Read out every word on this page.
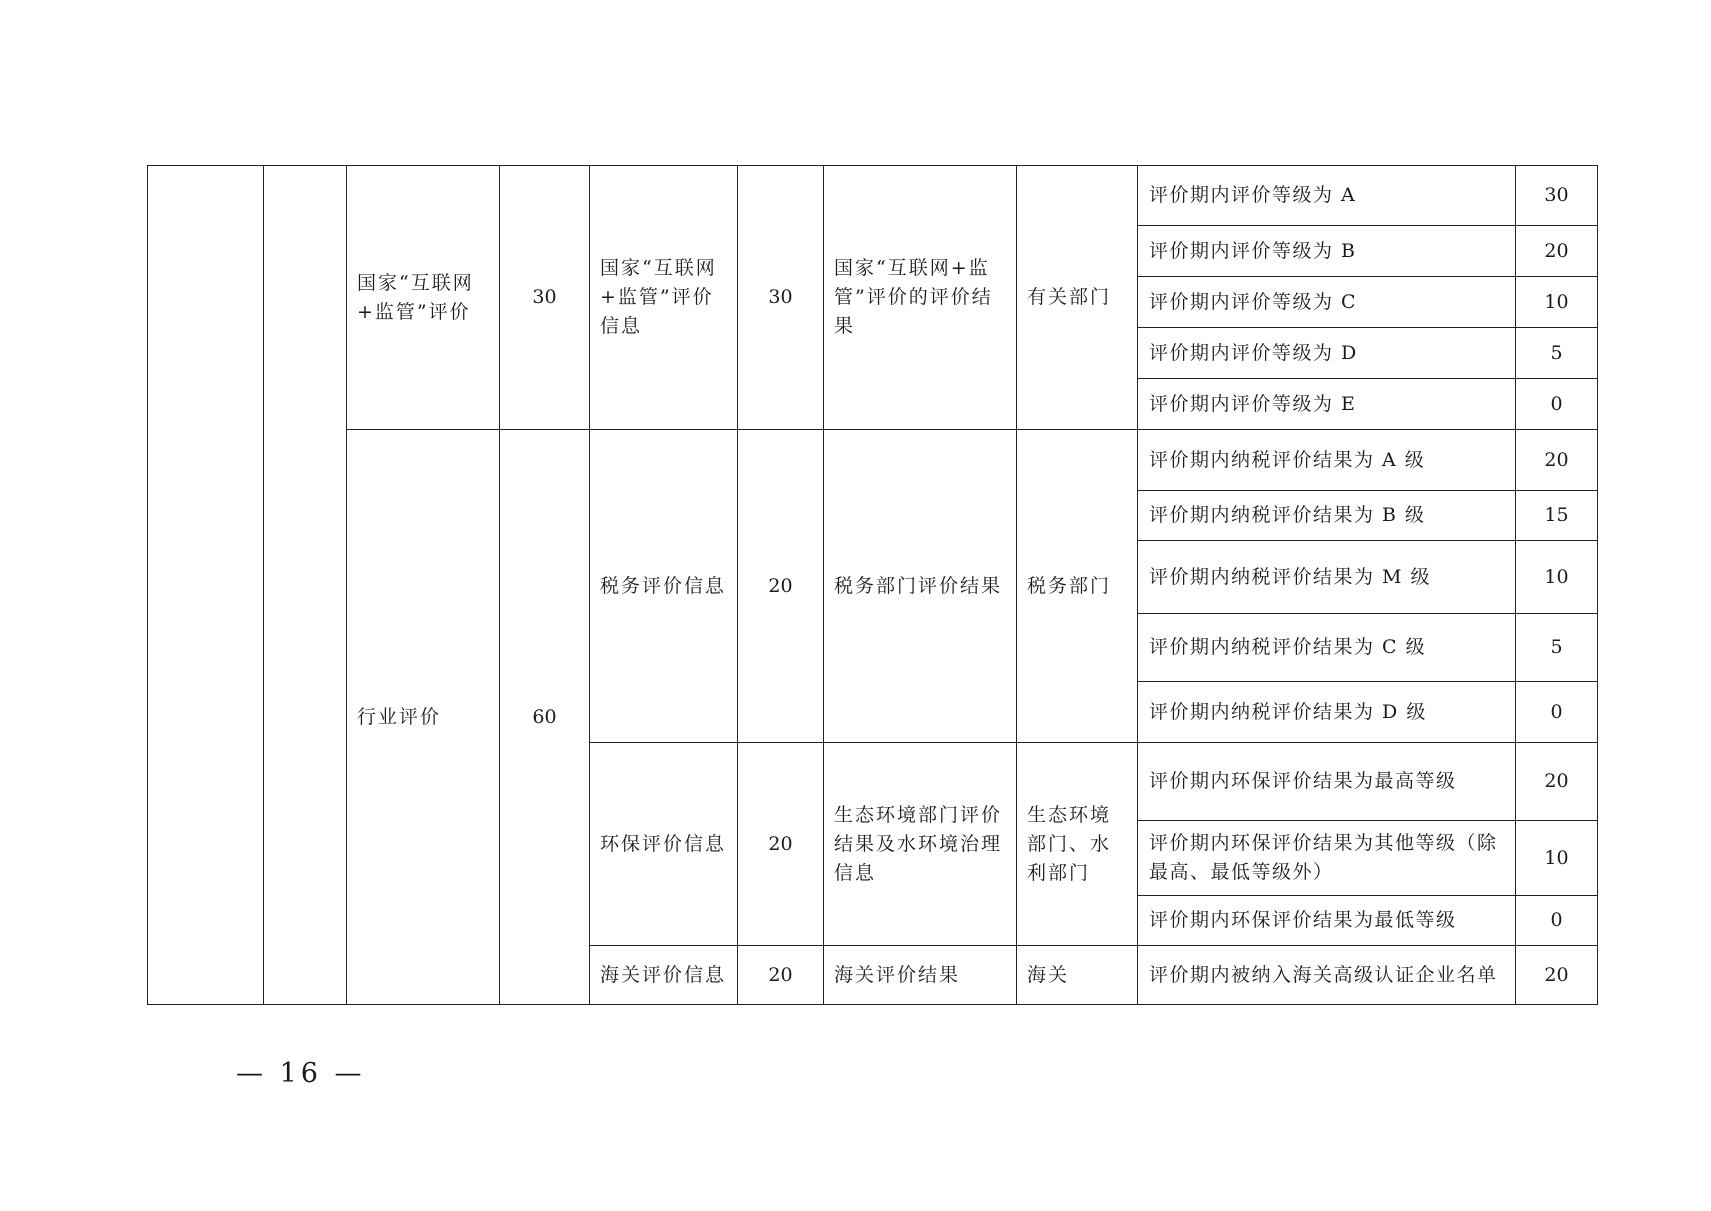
		国家“互联网+监管”评价	30	国家“互联网+监管”评价信息	30	国家“互联网+监管”评价的评价结果	有关部门	评价期内评价等级为 A	30
								评价期内评价等级为 B	20
								评价期内评价等级为 C	10
								评价期内评价等级为 D	5
								评价期内评价等级为 E	0
		行业评价	60	税务评价信息	20	税务部门评价结果	税务部门	评价期内纳税评价结果为 A 级	20
								评价期内纳税评价结果为 B 级	15
								评价期内纳税评价结果为 M 级	10
								评价期内纳税评价结果为 C 级	5
								评价期内纳税评价结果为 D 级	0
				环保评价信息	20	生态环境部门评价结果及水环境治理信息	生态环境部门、水利部门	评价期内环保评价结果为最高等级	20
								评价期内环保评价结果为其他等级（除最高、最低等级外）	10
								评价期内环保评价结果为最低等级	0
				海关评价信息	20	海关评价结果	海关	评价期内被纳入海关高级认证企业名单	20
— 16 —
